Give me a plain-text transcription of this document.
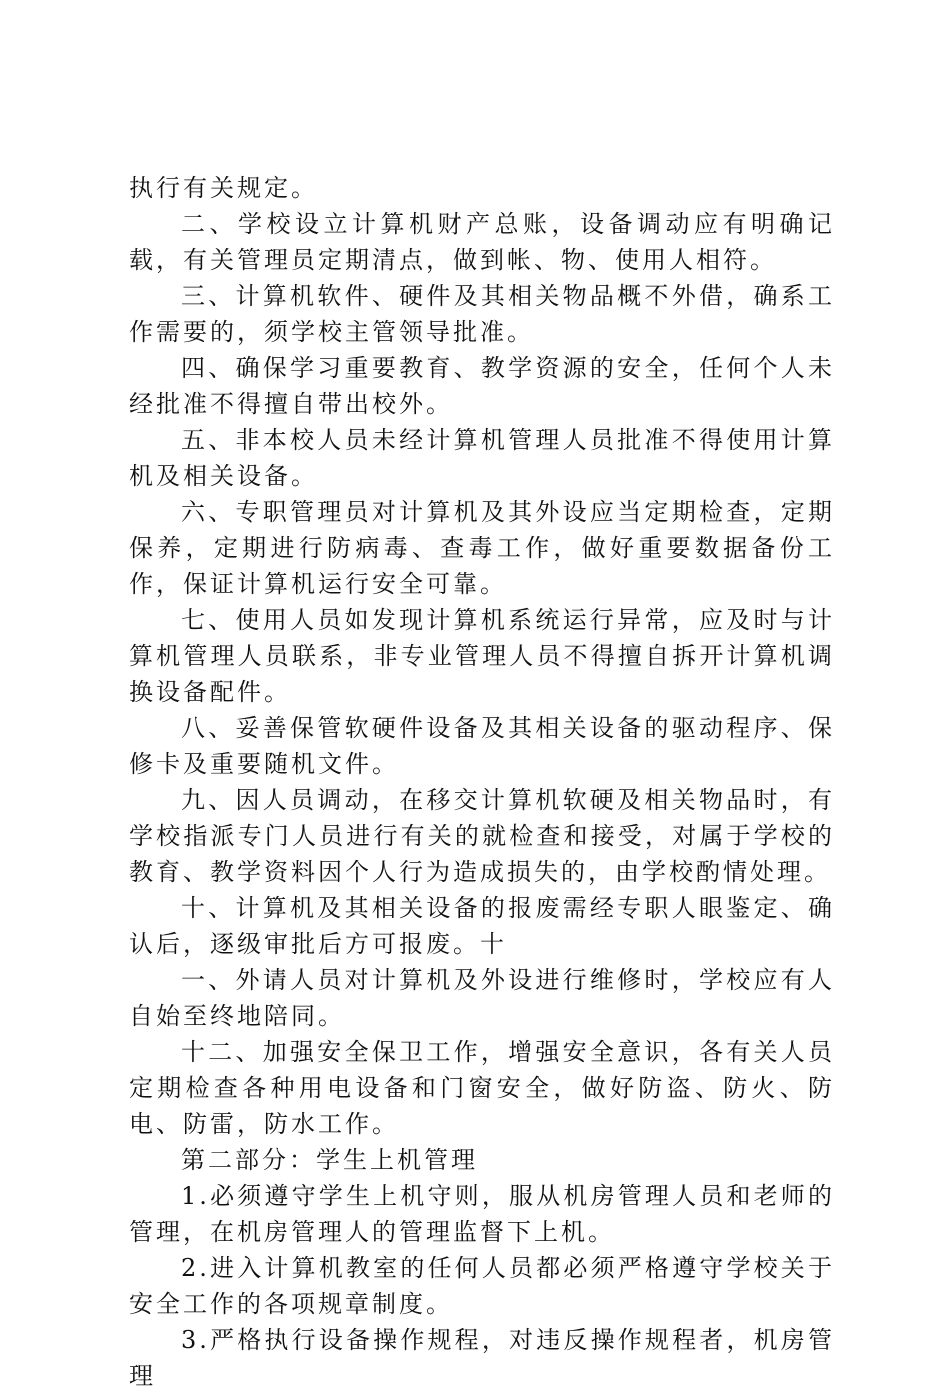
执行有关规定。

二、学校设立计算机财产总账，设备调动应有明确记载，有关管理员定期清点，做到帐、物、使用人相符。

三、计算机软件、硬件及其相关物品概不外借，确系工作需要的，须学校主管领导批准。

四、确保学习重要教育、教学资源的安全，任何个人未经批准不得擅自带出校外。

五、非本校人员未经计算机管理人员批准不得使用计算机及相关设备。

六、专职管理员对计算机及其外设应当定期检查，定期保养，定期进行防病毒、查毒工作，做好重要数据备份工作，保证计算机运行安全可靠。

七、使用人员如发现计算机系统运行异常，应及时与计算机管理人员联系，非专业管理人员不得擅自拆开计算机调换设备配件。

八、妥善保管软硬件设备及其相关设备的驱动程序、保修卡及重要随机文件。

九、因人员调动，在移交计算机软硬及相关物品时，有学校指派专门人员进行有关的就检查和接受，对属于学校的教育、教学资料因个人行为造成损失的，由学校酌情处理。

十、计算机及其相关设备的报废需经专职人眼鉴定、确认后，逐级审批后方可报废。十

一、外请人员对计算机及外设进行维修时，学校应有人自始至终地陪同。

十二、加强安全保卫工作，增强安全意识，各有关人员定期检查各种用电设备和门窗安全，做好防盗、防火、防电、防雷，防水工作。

第二部分：学生上机管理

1.必须遵守学生上机守则，服从机房管理人员和老师的管理，在机房管理人的管理监督下上机。

2.进入计算机教室的任何人员都必须严格遵守学校关于安全工作的各项规章制度。

3.严格执行设备操作规程，对违反操作规程者，机房管理
